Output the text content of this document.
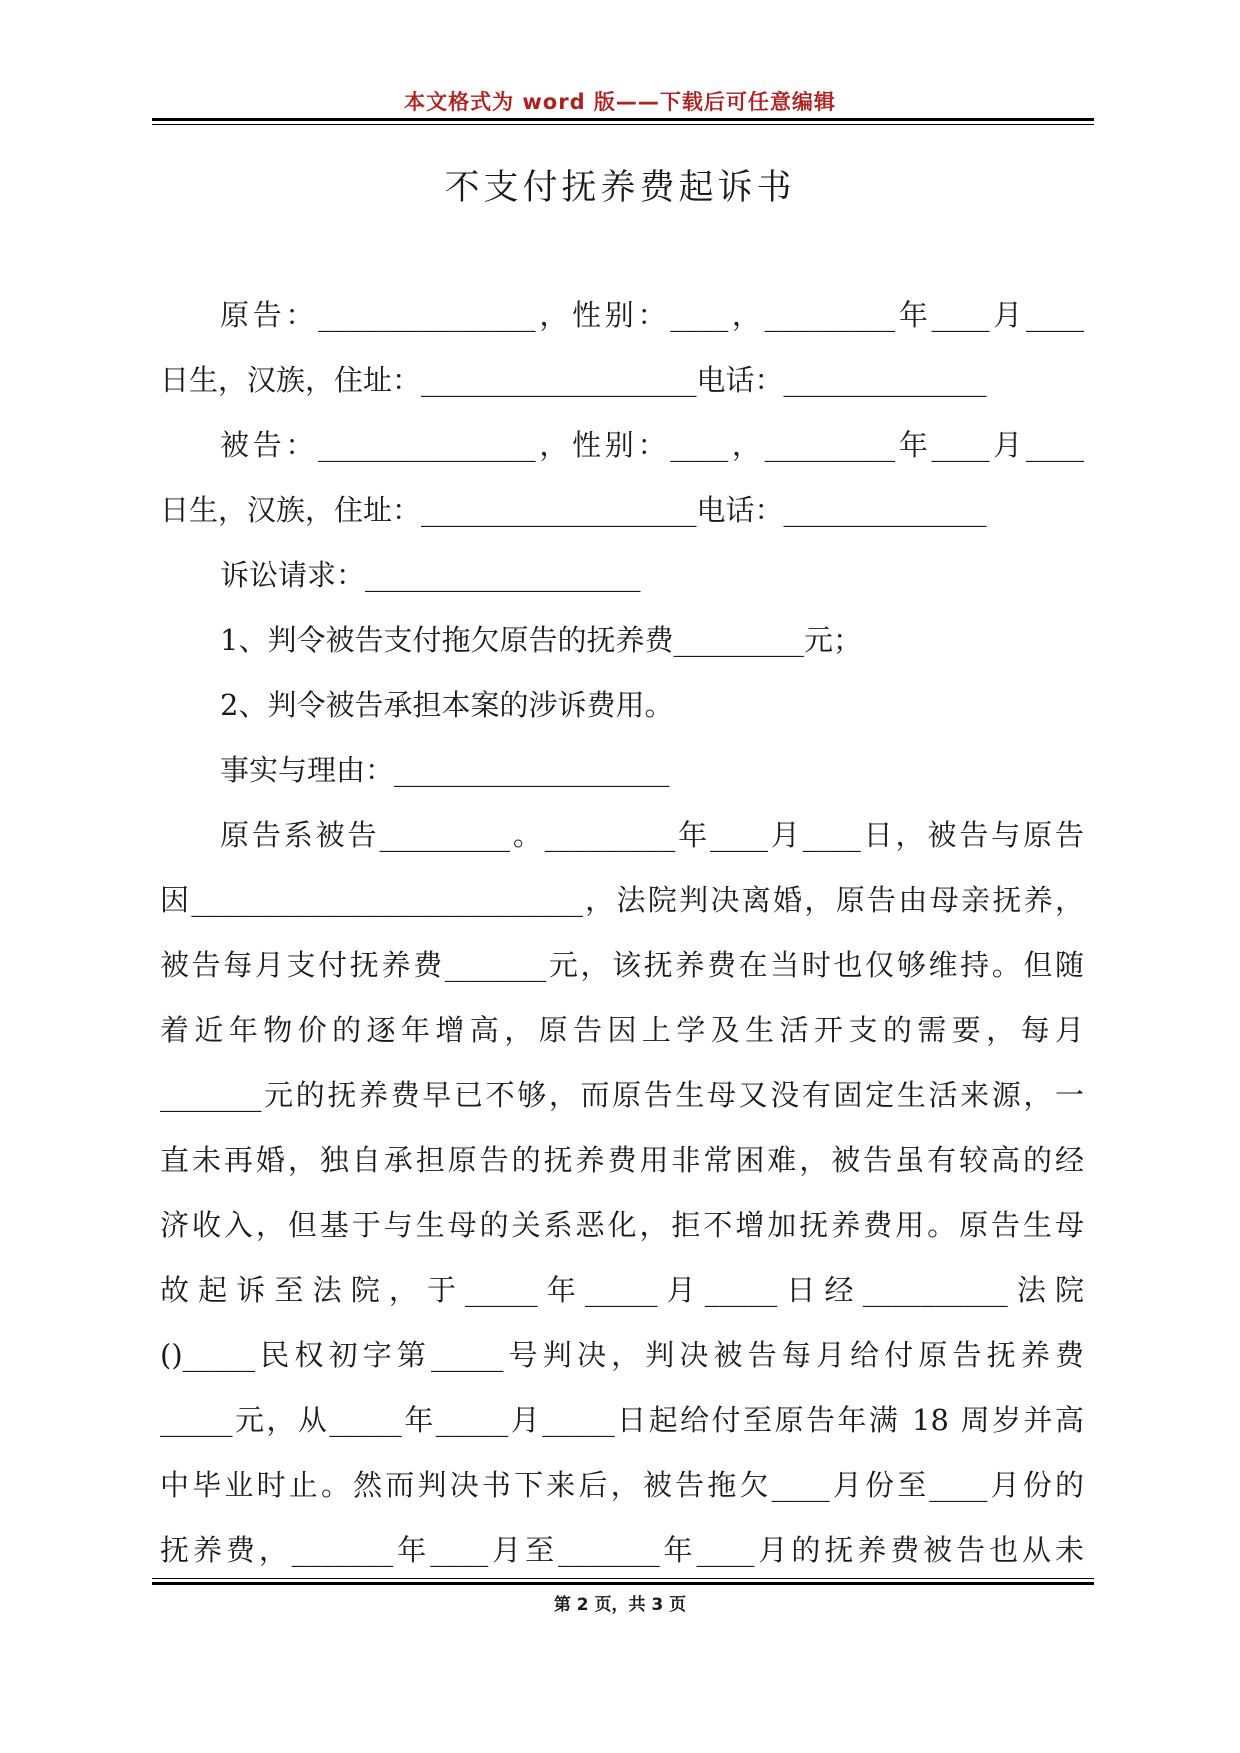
本文格式为 word 版——下载后可任意编辑
不支付抚养费起诉书
原告：_______________，性别：____，_________年____月____
日生，汉族，住址：___________________电话：______________
被告：_______________，性别：____，_________年____月____
日生，汉族，住址：___________________电话：______________
诉讼请求：___________________
1、判令被告支付拖欠原告的抚养费_________元；
2、判令被告承担本案的涉诉费用。
事实与理由：___________________
原告系被告_________。_________年____月____日，被告与原告
因___________________________，法院判决离婚，原告由母亲抚养，
被告每月支付抚养费_______元，该抚养费在当时也仅够维持。但随
着近年物价的逐年增高，原告因上学及生活开支的需要，每月
_______元的抚养费早已不够，而原告生母又没有固定生活来源，一
直未再婚，独自承担原告的抚养费用非常困难，被告虽有较高的经
济收入，但基于与生母的关系恶化，拒不增加抚养费用。原告生母
故起诉至法院，于_____年_____月_____日经__________法院
()_____民权初字第_____号判决，判决被告每月给付原告抚养费
_____元，从_____年_____月_____日起给付至原告年满 18 周岁并高
中毕业时止。然而判决书下来后，被告拖欠____月份至____月份的
抚养费，_______年____月至_______年____月的抚养费被告也从未
第 2 页，共 3 页
